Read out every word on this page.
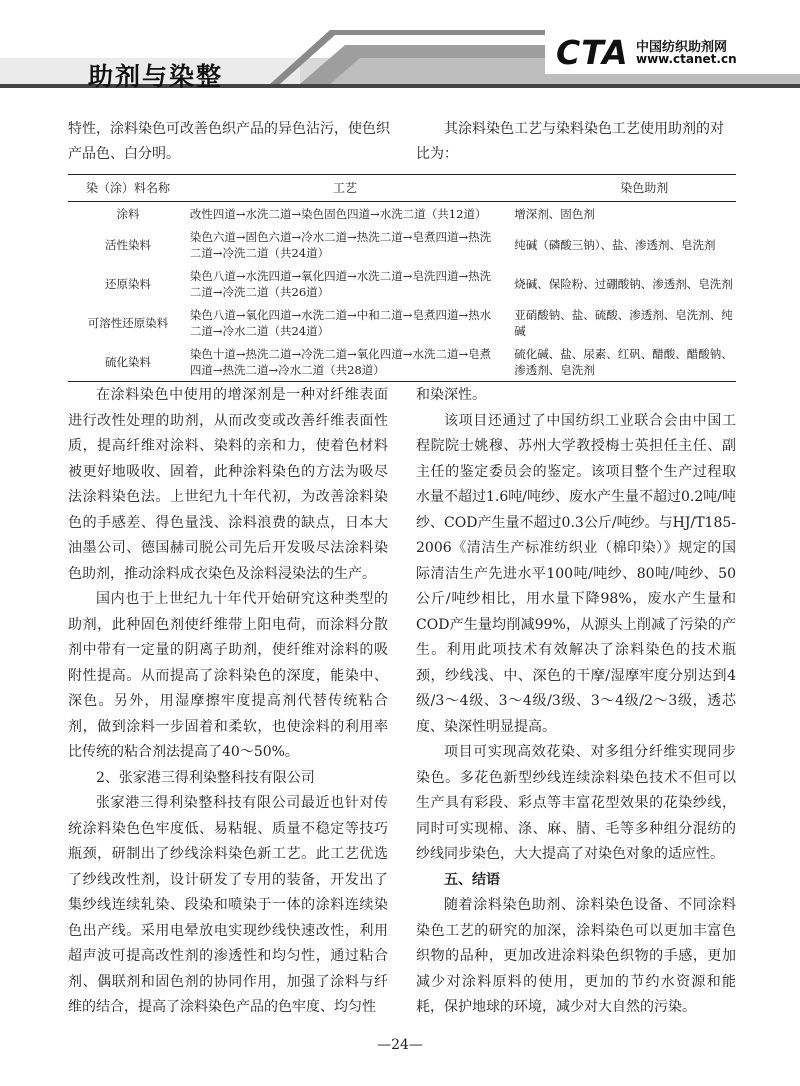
助剂与染整
CTA 中国纺织助剂网
www.ctanet.cn

特性，涂料染色可改善色织产品的异色沾污，使色织产品色、白分明。

其涂料染色工艺与染料染色工艺使用助剂的对比为：

染（涂）料名称	工艺	染色助剂
涂料	改性四道→水洗二道→染色固色四道→水洗二道（共12道）	增深剂、固色剂
活性染料	染色六道→固色六道→冷水二道→热洗二道→皂煮四道→热洗二道→冷洗二道（共24道）	纯碱（磷酸三钠）、盐、渗透剂、皂洗剂
还原染料	染色八道→水洗四道→氧化四道→水洗二道→皂洗四道→热洗二道→冷洗二道（共26道）	烧碱、保险粉、过硼酸钠、渗透剂、皂洗剂
可溶性还原染料	染色八道→氧化四道→水洗二道→中和二道→皂煮四道→热水二道→冷水二道（共24道）	亚硝酸钠、盐、硫酸、渗透剂、皂洗剂、纯碱
硫化染料	染色十道→热洗二道→冷洗二道→氧化四道→水洗二道→皂煮四道→热洗二道→冷水二道（共28道）	硫化碱、盐、尿素、红矾、醋酸、醋酸钠、渗透剂、皂洗剂

在涂料染色中使用的增深剂是一种对纤维表面进行改性处理的助剂，从而改变或改善纤维表面性质，提高纤维对涂料、染料的亲和力，使着色材料被更好地吸收、固着，此种涂料染色的方法为吸尽法涂料染色法。上世纪九十年代初，为改善涂料染色的手感差、得色量浅、涂料浪费的缺点，日本大油墨公司、德国赫司脱公司先后开发吸尽法涂料染色助剂，推动涂料成衣染色及涂料浸染法的生产。

国内也于上世纪九十年代开始研究这种类型的助剂，此种固色剂使纤维带上阳电荷，而涂料分散剂中带有一定量的阴离子助剂，使纤维对涂料的吸附性提高。从而提高了涂料染色的深度，能染中、深色。另外，用湿摩擦牢度提高剂代替传统粘合剂，做到涂料一步固着和柔软，也使涂料的利用率比传统的粘合剂法提高了40～50%。

2、张家港三得利染整科技有限公司

张家港三得利染整科技有限公司最近也针对传统涂料染色色牢度低、易粘辊、质量不稳定等技巧瓶颈，研制出了纱线涂料染色新工艺。此工艺优选了纱线改性剂，设计研发了专用的装备，开发出了集纱线连续轧染、段染和喷染于一体的涂料连续染色出产线。采用电晕放电实现纱线快速改性，利用超声波可提高改性剂的渗透性和均匀性，通过粘合剂、偶联剂和固色剂的协同作用，加强了涂料与纤维的结合，提高了涂料染色产品的色牢度、均匀性

和染深性。

该项目还通过了中国纺织工业联合会由中国工程院院士姚穆、苏州大学教授梅士英担任主任、副主任的鉴定委员会的鉴定。该项目整个生产过程取水量不超过1.6吨/吨纱、废水产生量不超过0.2吨/吨纱、COD产生量不超过0.3公斤/吨纱。与HJ/T185-2006《清洁生产标准纺织业（棉印染）》规定的国际清洁生产先进水平100吨/吨纱、80吨/吨纱、50公斤/吨纱相比，用水量下降98%，废水产生量和COD产生量均削减99%，从源头上削减了污染的产生。利用此项技术有效解决了涂料染色的技术瓶颈，纱线浅、中、深色的干摩/湿摩牢度分别达到4级/3～4级、3～4级/3级、3～4级/2～3级，透芯度、染深性明显提高。

项目可实现高效花染、对多组分纤维实现同步染色。多花色新型纱线连续涂料染色技术不但可以生产具有彩段、彩点等丰富花型效果的花染纱线，同时可实现棉、涤、麻、腈、毛等多种组分混纺的纱线同步染色，大大提高了对染色对象的适应性。

五、结语

随着涂料染色助剂、涂料染色设备、不同涂料染色工艺的研究的加深，涂料染色可以更加丰富色织物的品种，更加改进涂料染色织物的手感，更加减少对涂料原料的使用，更加的节约水资源和能耗，保护地球的环境，减少对大自然的污染。

—24—
